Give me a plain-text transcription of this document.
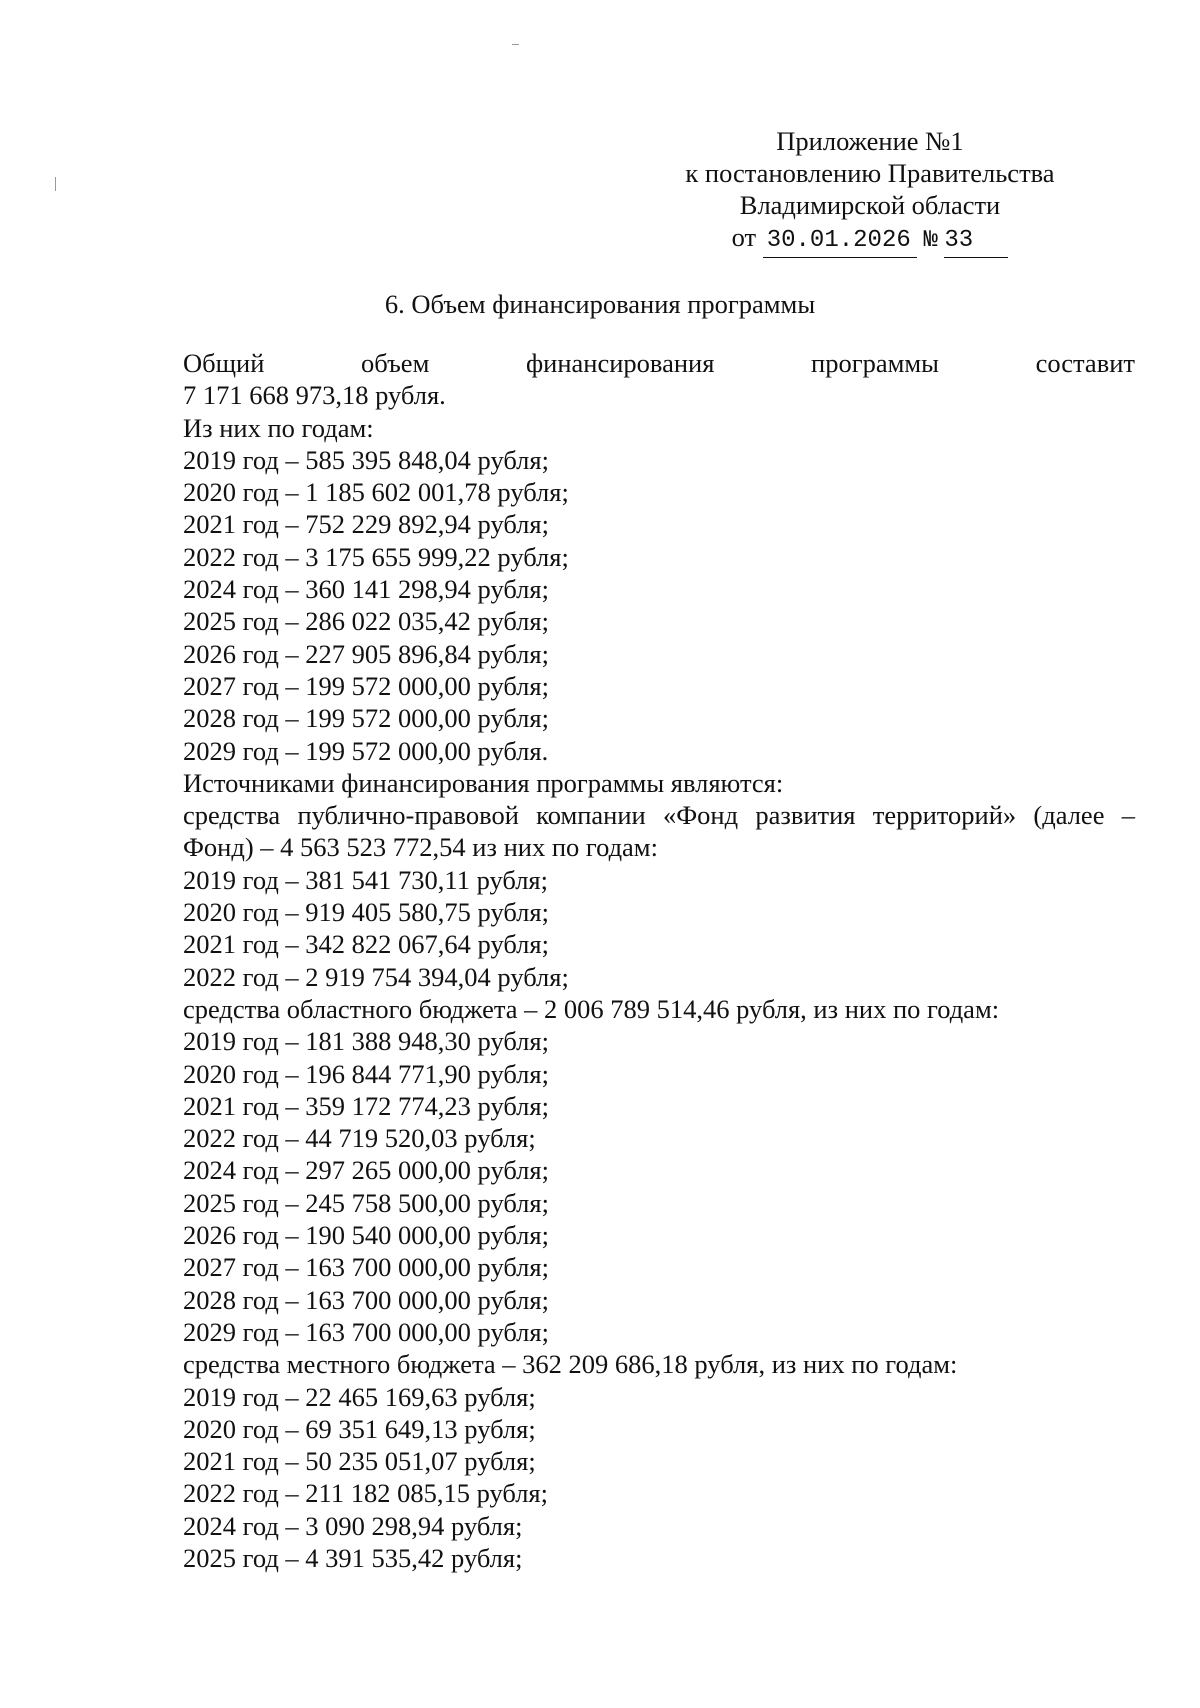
Приложение №1
к постановлению Правительства
Владимирской области
от 30.01.2026 № 33
6. Объем финансирования программы
Общий	объем	финансирования	программы	составит
7 171 668 973,18 рубля.
Из них по годам:
2019 год – 585 395 848,04 рубля;
2020 год – 1 185 602 001,78 рубля;
2021 год – 752 229 892,94 рубля;
2022 год – 3 175 655 999,22 рубля;
2024 год – 360 141 298,94 рубля;
2025 год – 286 022 035,42 рубля;
2026 год – 227 905 896,84 рубля;
2027 год – 199 572 000,00 рубля;
2028 год – 199 572 000,00 рубля;
2029 год – 199 572 000,00 рубля.
Источниками финансирования программы являются:
средства публично-правовой компании «Фонд развития территорий» (далее –
Фонд) – 4 563 523 772,54 из них по годам:
2019 год – 381 541 730,11 рубля;
2020 год – 919 405 580,75 рубля;
2021 год – 342 822 067,64 рубля;
2022 год – 2 919 754 394,04 рубля;
средства областного бюджета – 2 006 789 514,46 рубля, из них по годам:
2019 год – 181 388 948,30 рубля;
2020 год – 196 844 771,90 рубля;
2021 год – 359 172 774,23 рубля;
2022 год – 44 719 520,03 рубля;
2024 год – 297 265 000,00 рубля;
2025 год – 245 758 500,00 рубля;
2026 год – 190 540 000,00 рубля;
2027 год – 163 700 000,00 рубля;
2028 год – 163 700 000,00 рубля;
2029 год – 163 700 000,00 рубля;
средства местного бюджета – 362 209 686,18 рубля, из них по годам:
2019 год – 22 465 169,63 рубля;
2020 год – 69 351 649,13 рубля;
2021 год – 50 235 051,07 рубля;
2022 год – 211 182 085,15 рубля;
2024 год – 3 090 298,94 рубля;
2025 год – 4 391 535,42 рубля;
